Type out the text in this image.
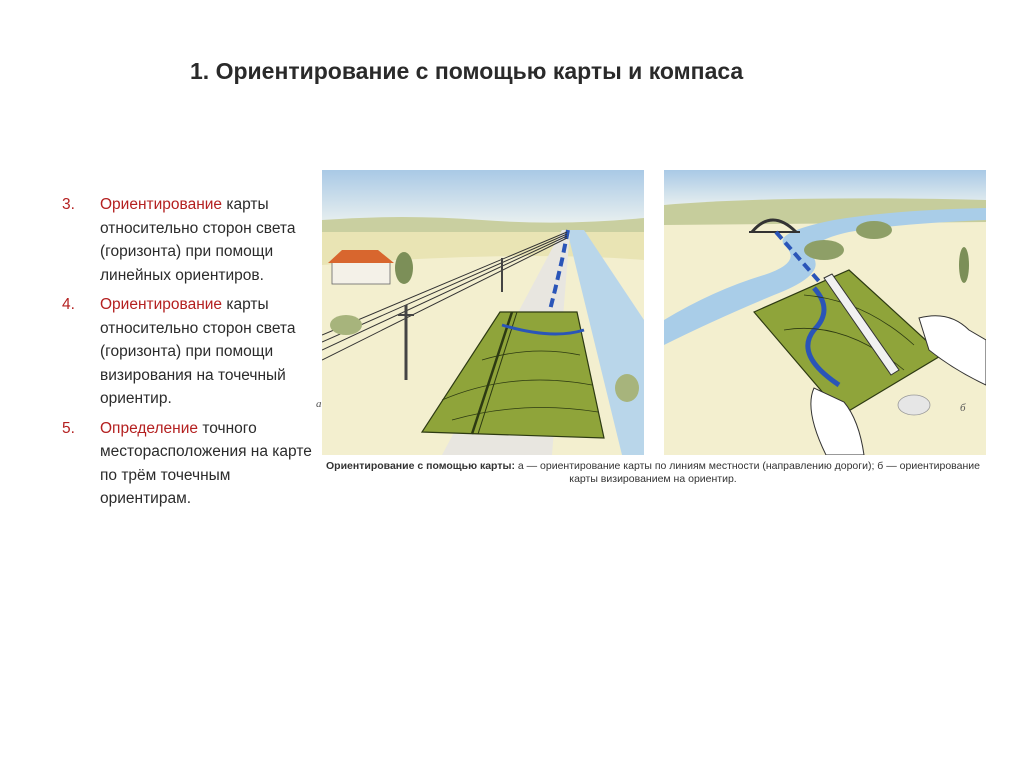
1. Ориентирование с помощью карты и компаса
3. Ориентирование карты относительно сторон света (горизонта) при помощи линейных ориентиров.
4. Ориентирование карты относительно сторон света (горизонта) при помощи визирования на точечный ориентир.
5. Определение точного месторасположения на карте по трём точечным ориентирам.
а	б
Ориентирование с помощью карты: а — ориентирование карты по линиям местности (направлению дороги); б — ориентирование карты визированием на ориентир.
